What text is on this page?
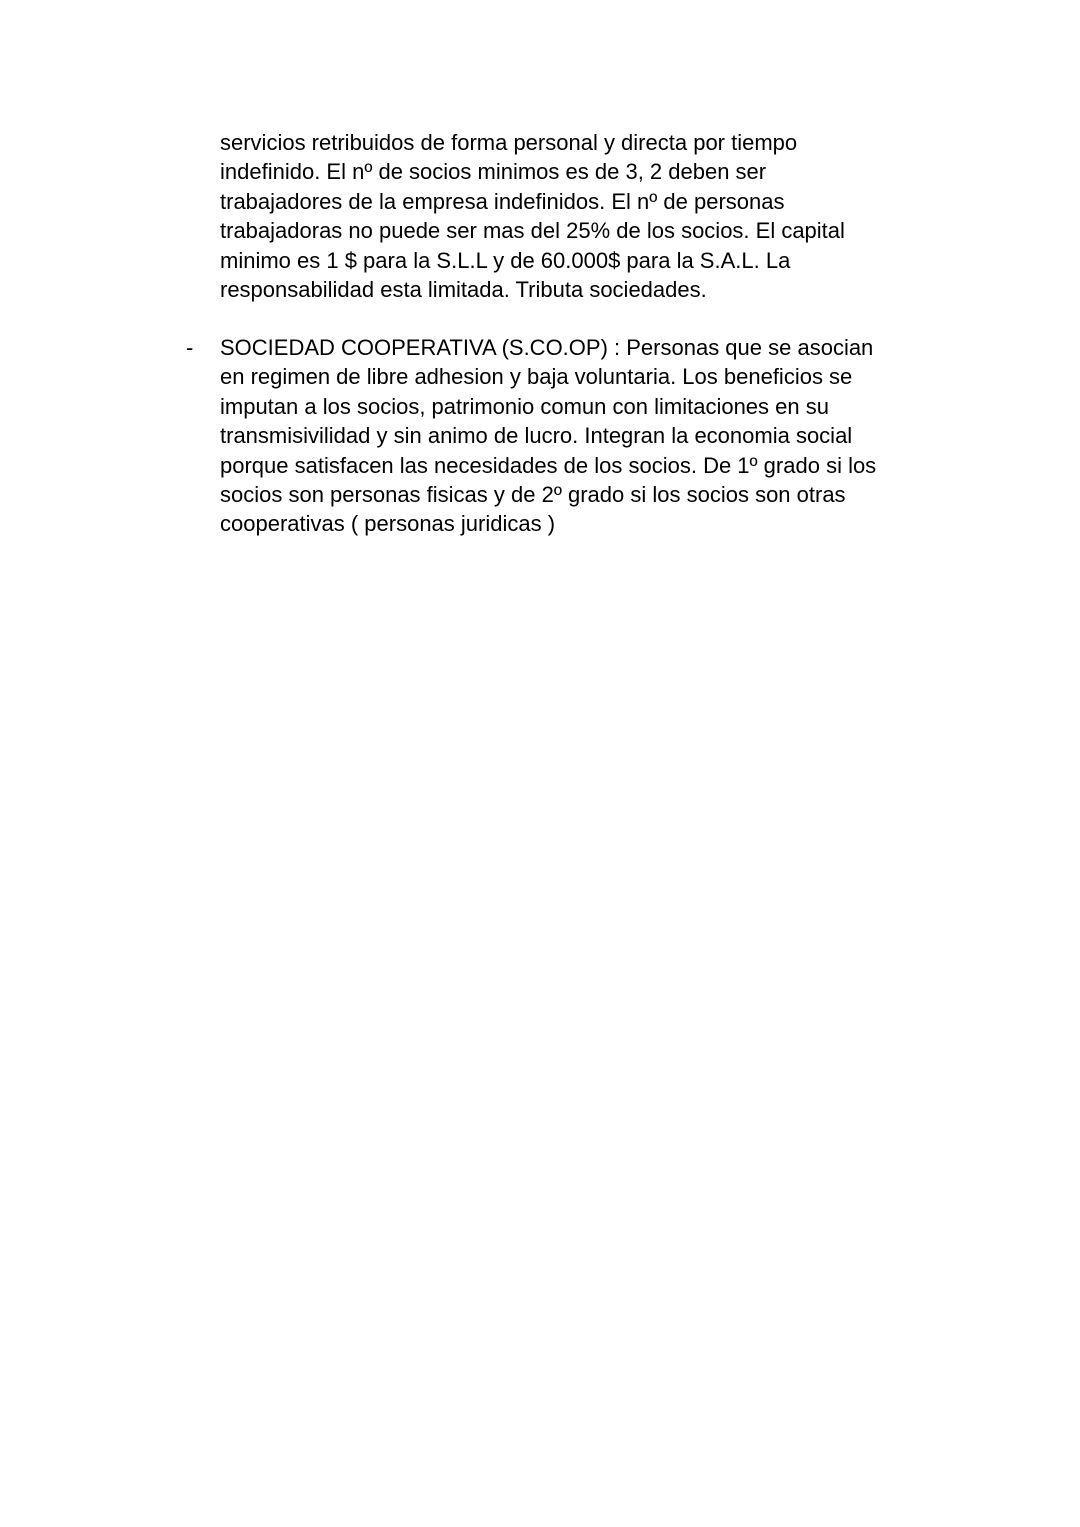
servicios retribuidos de forma personal y directa por tiempo
indefinido. El nº de socios minimos es de 3, 2 deben ser
trabajadores de la empresa indefinidos. El nº de personas
trabajadoras no puede ser mas del 25% de los socios. El capital
minimo es 1 $ para la S.L.L y de 60.000$ para la S.A.L. La
responsabilidad esta limitada. Tributa sociedades.
- SOCIEDAD COOPERATIVA (S.CO.OP) : Personas que se asocian
en regimen de libre adhesion y baja voluntaria. Los beneficios se
imputan a los socios, patrimonio comun con limitaciones en su
transmisivilidad y sin animo de lucro. Integran la economia social
porque satisfacen las necesidades de los socios. De 1º grado si los
socios son personas fisicas y de 2º grado si los socios son otras
cooperativas ( personas juridicas )
